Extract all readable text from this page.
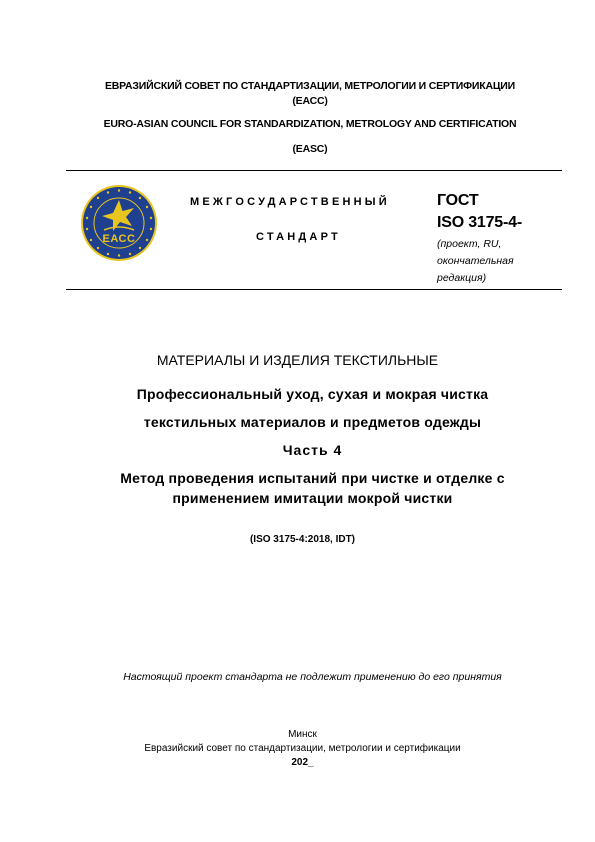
ЕВРАЗИЙСКИЙ СОВЕТ ПО СТАНДАРТИЗАЦИИ, МЕТРОЛОГИИ И СЕРТИФИКАЦИИ
(ЕАСС)
EURO-ASIAN COUNCIL FOR STANDARDIZATION, METROLOGY AND CERTIFICATION
(EASC)
ЕАСС
МЕЖГОСУДАРСТВЕННЫЙ
СТАНДАРТ
ГОСТ
ISO 3175-4-
(проект, RU,
окончательная
редакция)
МАТЕРИАЛЫ И ИЗДЕЛИЯ ТЕКСТИЛЬНЫЕ
Профессиональный уход, сухая и мокрая чистка
текстильных материалов и предметов одежды
Часть 4
Метод проведения испытаний при чистке и отделке с
применением имитации мокрой чистки
(ISO 3175-4:2018, IDT)
Настоящий проект стандарта не подлежит применению до его принятия
Минск
Евразийский совет по стандартизации, метрологии и сертификации
202_
